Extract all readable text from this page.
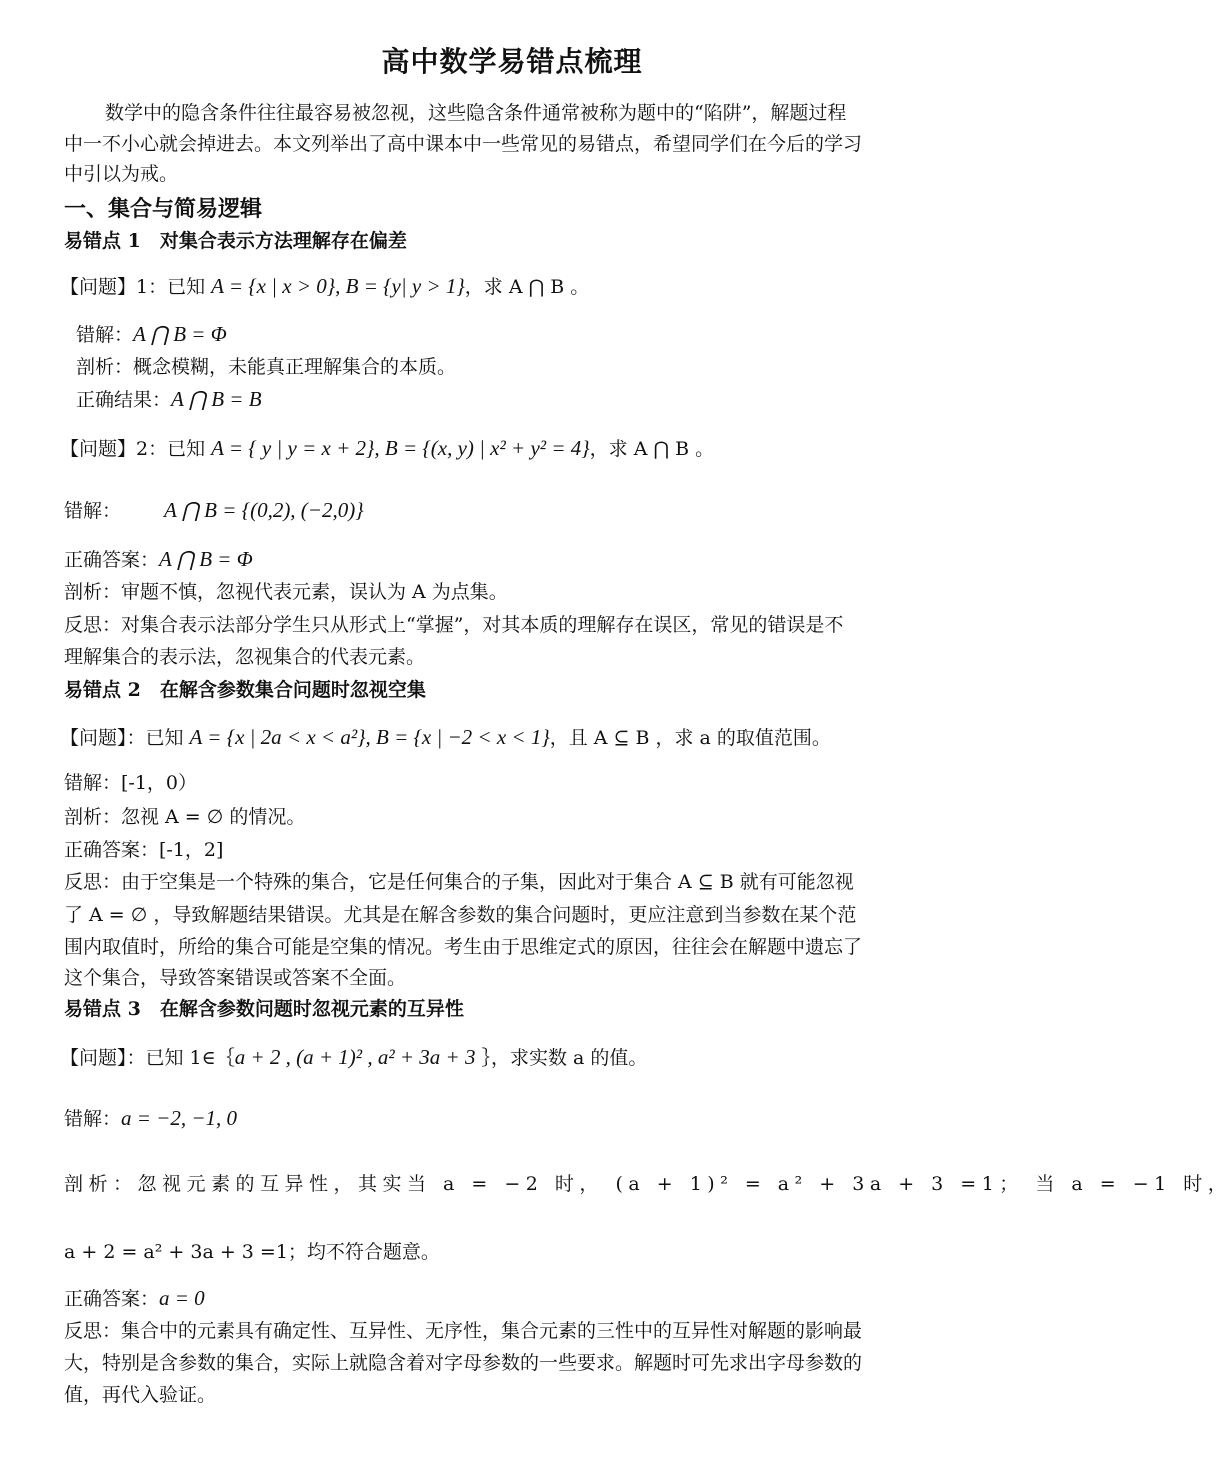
高中数学易错点梳理
数学中的隐含条件往往最容易被忽视，这些隐含条件通常被称为题中的“陷阱”，解题过程
中一不小心就会掉进去。本文列举出了高中课本中一些常见的易错点，希望同学们在今后的学习
中引以为戒。
一、集合与简易逻辑
易错点 1　对集合表示方法理解存在偏差
【问题】1：已知 A = {x | x > 0}, B = {y| y > 1}，求 A ⋂ B 。
错解：A ⋂ B = Φ
剖析：概念模糊，未能真正理解集合的本质。
正确结果：A ⋂ B = B
【问题】2：已知 A = { y | y = x + 2}, B = {(x, y) | x² + y² = 4}，求 A ⋂ B 。
错解： A ⋂ B = {(0,2), (−2,0)}
正确答案：A ⋂ B = Φ
剖析：审题不慎，忽视代表元素，误认为 A 为点集。
反思：对集合表示法部分学生只从形式上“掌握”，对其本质的理解存在误区，常见的错误是不
理解集合的表示法，忽视集合的代表元素。
易错点 2　在解含参数集合问题时忽视空集
【问题】：已知 A = {x | 2a < x < a²}, B = {x | −2 < x < 1}，且 A ⊆ B ，求 a 的取值范围。
错解：[-1，0）
剖析：忽视 A = ∅ 的情况。
正确答案：[-1，2]
反思：由于空集是一个特殊的集合，它是任何集合的子集，因此对于集合 A ⊆ B 就有可能忽视
了 A = ∅ ，导致解题结果错误。尤其是在解含参数的集合问题时，更应注意到当参数在某个范
围内取值时，所给的集合可能是空集的情况。考生由于思维定式的原因，往往会在解题中遗忘了
这个集合，导致答案错误或答案不全面。
易错点 3　在解含参数问题时忽视元素的互异性
【问题】：已知 1∈｛a + 2 , (a + 1)² , a² + 3a + 3 ｝，求实数 a 的值。
错解：a = −2, −1, 0
剖析：忽视元素的互异性，其实当 a = −2 时， (a + 1)² = a² + 3a + 3 =1； 当 a = −1 时，
a + 2 = a² + 3a + 3 =1；均不符合题意。
正确答案：a = 0
反思：集合中的元素具有确定性、互异性、无序性，集合元素的三性中的互异性对解题的影响最
大，特别是含参数的集合，实际上就隐含着对字母参数的一些要求。解题时可先求出字母参数的
值，再代入验证。
